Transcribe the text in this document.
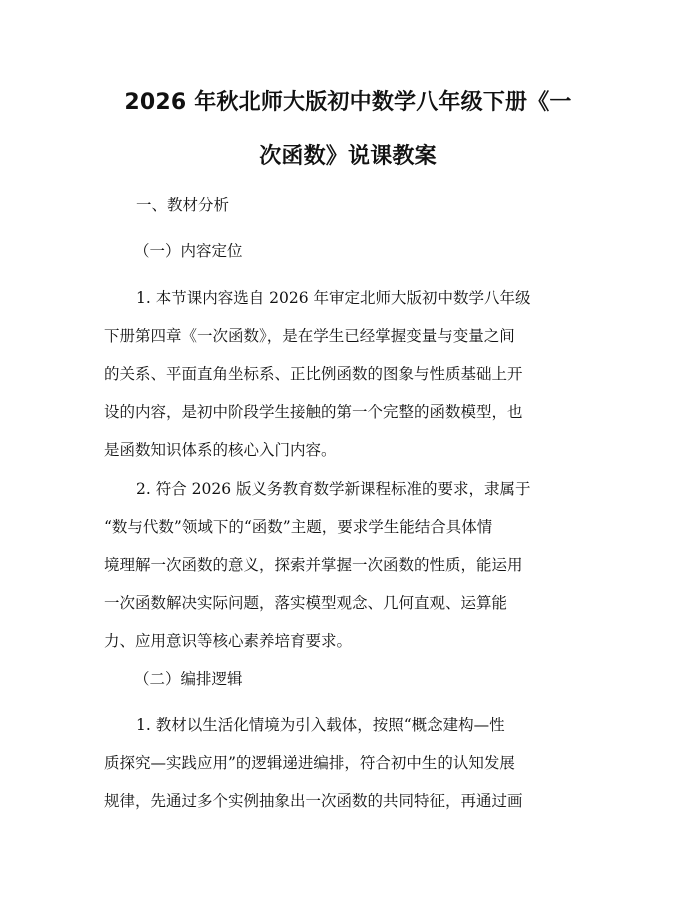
2026 年秋北师大版初中数学八年级下册《一
次函数》说课教案
一、教材分析
（一）内容定位
1. 本节课内容选自 2026 年审定北师大版初中数学八年级
下册第四章《一次函数》，是在学生已经掌握变量与变量之间
的关系、平面直角坐标系、正比例函数的图象与性质基础上开
设的内容，是初中阶段学生接触的第一个完整的函数模型，也
是函数知识体系的核心入门内容。
2. 符合 2026 版义务教育数学新课程标准的要求，隶属于
“数与代数”领域下的“函数”主题，要求学生能结合具体情
境理解一次函数的意义，探索并掌握一次函数的性质，能运用
一次函数解决实际问题，落实模型观念、几何直观、运算能
力、应用意识等核心素养培育要求。
（二）编排逻辑
1. 教材以生活化情境为引入载体，按照“概念建构—性
质探究—实践应用”的逻辑递进编排，符合初中生的认知发展
规律，先通过多个实例抽象出一次函数的共同特征，再通过画
